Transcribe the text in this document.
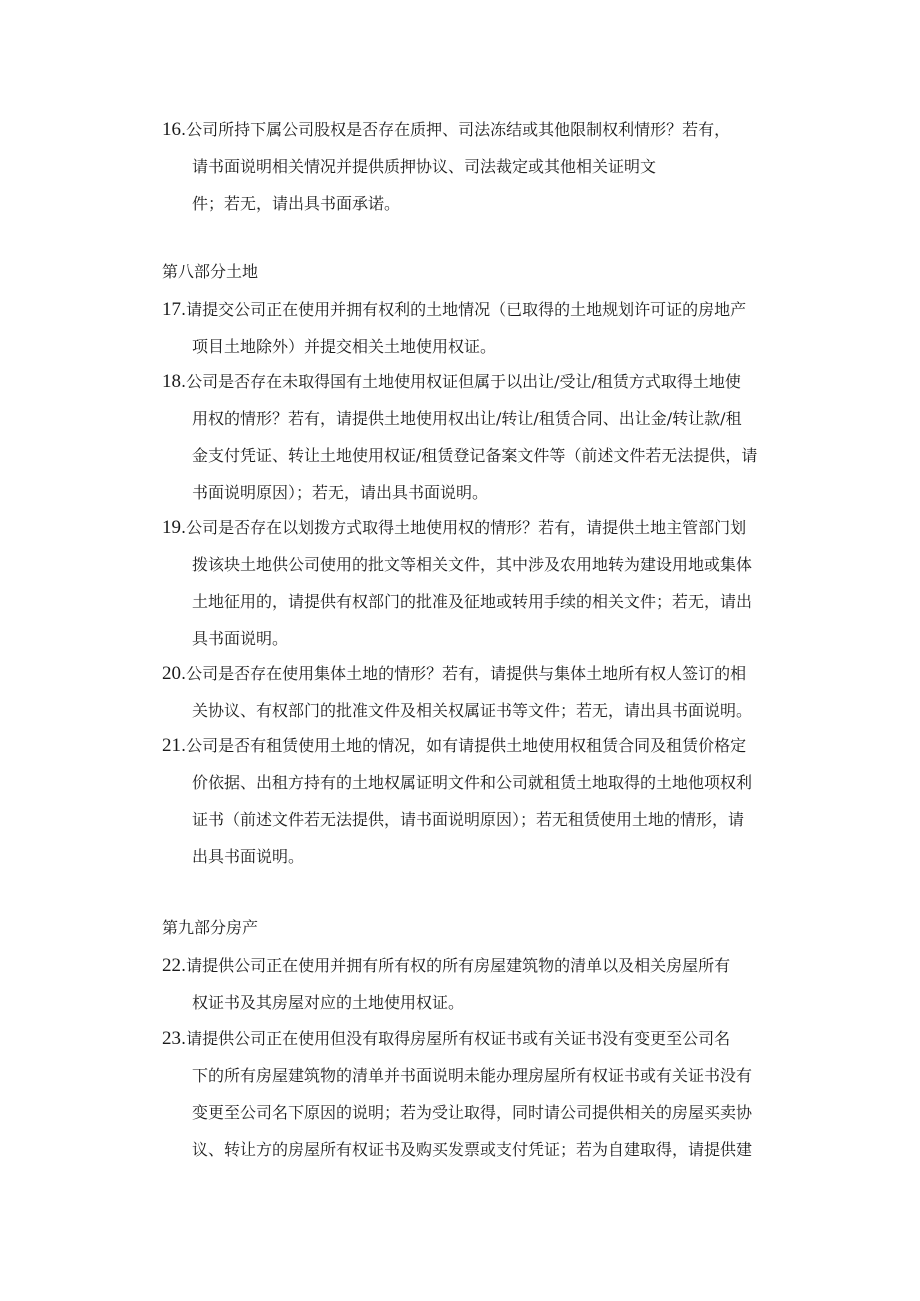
16.公司所持下属公司股权是否存在质押、司法冻结或其他限制权利情形？若有，
请书面说明相关情况并提供质押协议、司法裁定或其他相关证明文
件；若无，请出具书面承诺。
第八部分土地
17.请提交公司正在使用并拥有权利的土地情况（已取得的土地规划许可证的房地产
项目土地除外）并提交相关土地使用权证。
18.公司是否存在未取得国有土地使用权证但属于以出让/受让/租赁方式取得土地使
用权的情形？若有，请提供土地使用权出让/转让/租赁合同、出让金/转让款/租
金支付凭证、转让土地使用权证/租赁登记备案文件等（前述文件若无法提供，请
书面说明原因）；若无，请出具书面说明。
19.公司是否存在以划拨方式取得土地使用权的情形？若有，请提供土地主管部门划
拨该块土地供公司使用的批文等相关文件，其中涉及农用地转为建设用地或集体
土地征用的，请提供有权部门的批准及征地或转用手续的相关文件；若无，请出
具书面说明。
20.公司是否存在使用集体土地的情形？若有，请提供与集体土地所有权人签订的相
关协议、有权部门的批准文件及相关权属证书等文件；若无，请出具书面说明。
21.公司是否有租赁使用土地的情况，如有请提供土地使用权租赁合同及租赁价格定
价依据、出租方持有的土地权属证明文件和公司就租赁土地取得的土地他项权利
证书（前述文件若无法提供，请书面说明原因）；若无租赁使用土地的情形，请
出具书面说明。
第九部分房产
22.请提供公司正在使用并拥有所有权的所有房屋建筑物的清单以及相关房屋所有
权证书及其房屋对应的土地使用权证。
23.请提供公司正在使用但没有取得房屋所有权证书或有关证书没有变更至公司名
下的所有房屋建筑物的清单并书面说明未能办理房屋所有权证书或有关证书没有
变更至公司名下原因的说明；若为受让取得，同时请公司提供相关的房屋买卖协
议、转让方的房屋所有权证书及购买发票或支付凭证；若为自建取得，请提供建
